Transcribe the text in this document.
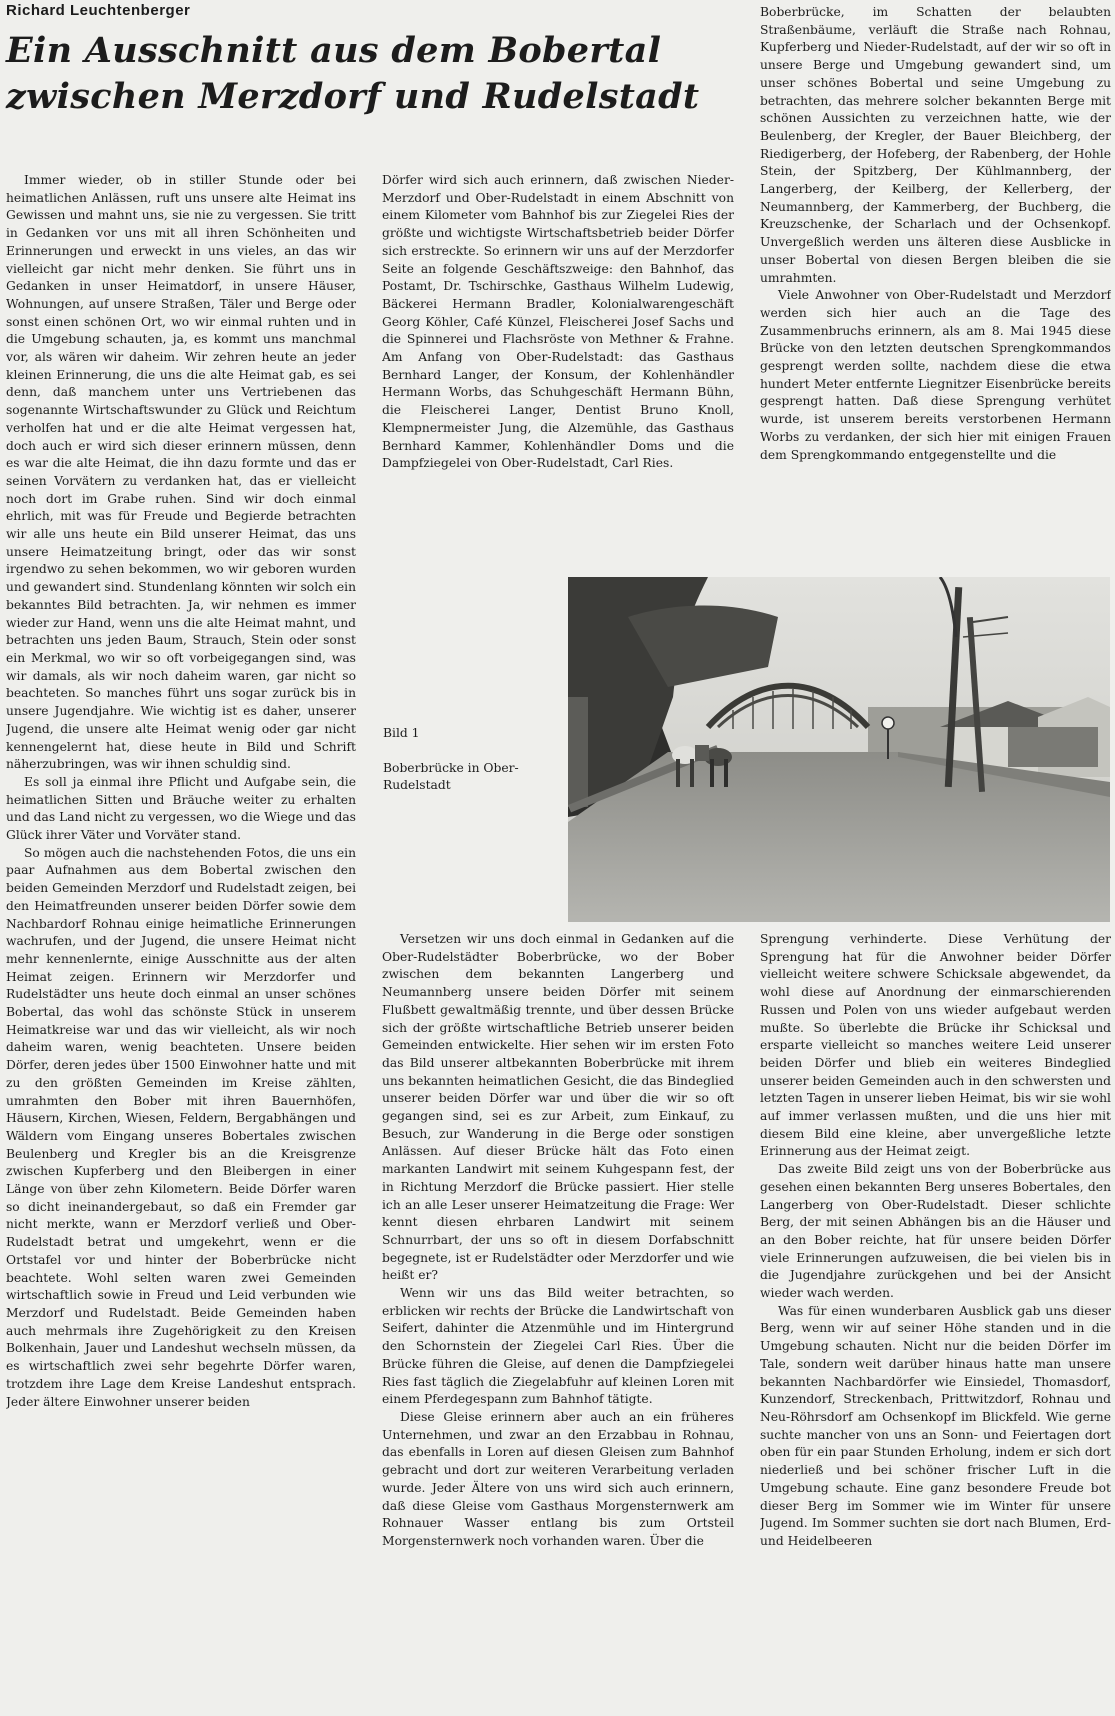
Richard Leuchtenberger
Ein Ausschnitt aus dem Bobertal
zwischen Merzdorf und Rudelstadt

Immer wieder, ob in stiller Stunde oder bei heimatlichen Anlässen, ruft uns unsere alte Heimat ins Gewissen und mahnt uns, sie nie zu vergessen. Sie tritt in Gedanken vor uns mit all ihren Schönheiten und Erinnerungen und erweckt in uns vieles, an das wir vielleicht gar nicht mehr denken. Sie führt uns in Gedanken in unser Heimatdorf, in unsere Häuser, Wohnungen, auf unsere Straßen, Täler und Berge oder sonst einen schönen Ort, wo wir einmal ruhten und in die Umgebung schauten, ja, es kommt uns manchmal vor, als wären wir daheim. Wir zehren heute an jeder kleinen Erinnerung, die uns die alte Heimat gab, es sei denn, daß manchem unter uns Vertriebenen das sogenannte Wirtschaftswunder zu Glück und Reichtum verholfen hat und er die alte Heimat vergessen hat, doch auch er wird sich dieser erinnern müssen, denn es war die alte Heimat, die ihn dazu formte und das er seinen Vorvätern zu verdanken hat, das er vielleicht noch dort im Grabe ruhen. Sind wir doch einmal ehrlich, mit was für Freude und Begierde betrachten wir alle uns heute ein Bild unserer Heimat, das uns unsere Heimatzeitung bringt, oder das wir sonst irgendwo zu sehen bekommen, wo wir geboren wurden und gewandert sind. Stundenlang könnten wir solch ein bekanntes Bild betrachten. Ja, wir nehmen es immer wieder zur Hand, wenn uns die alte Heimat mahnt, und betrachten uns jeden Baum, Strauch, Stein oder sonst ein Merkmal, wo wir so oft vorbeigegangen sind, was wir damals, als wir noch daheim waren, gar nicht so beachteten. So manches führt uns sogar zurück bis in unsere Jugendjahre. Wie wichtig ist es daher, unserer Jugend, die unsere alte Heimat wenig oder gar nicht kennengelernt hat, diese heute in Bild und Schrift näherzubringen, was wir ihnen schuldig sind.

Es soll ja einmal ihre Pflicht und Aufgabe sein, die heimatlichen Sitten und Bräuche weiter zu erhalten und das Land nicht zu vergessen, wo die Wiege und das Glück ihrer Väter und Vorväter stand.

So mögen auch die nachstehenden Fotos, die uns ein paar Aufnahmen aus dem Bobertal zwischen den beiden Gemeinden Merzdorf und Rudelstadt zeigen, bei den Heimatfreunden unserer beiden Dörfer sowie dem Nachbardorf Rohnau einige heimatliche Erinnerungen wachrufen, und der Jugend, die unsere Heimat nicht mehr kennenlernte, einige Ausschnitte aus der alten Heimat zeigen. Erinnern wir Merzdorfer und Rudelstädter uns heute doch einmal an unser schönes Bobertal, das wohl das schönste Stück in unserem Heimatkreise war und das wir vielleicht, als wir noch daheim waren, wenig beachteten. Unsere beiden Dörfer, deren jedes über 1500 Einwohner hatte und mit zu den größten Gemeinden im Kreise zählten, umrahmten den Bober mit ihren Bauernhöfen, Häusern, Kirchen, Wiesen, Feldern, Bergabhängen und Wäldern vom Eingang unseres Bobertales zwischen Beulenberg und Kregler bis an die Kreisgrenze zwischen Kupferberg und den Bleibergen in einer Länge von über zehn Kilometern. Beide Dörfer waren so dicht ineinandergebaut, so daß ein Fremder gar nicht merkte, wann er Merzdorf verließ und Ober-Rudelstadt betrat und umgekehrt, wenn er die Ortstafel vor und hinter der Boberbrücke nicht beachtete. Wohl selten waren zwei Gemeinden wirtschaftlich sowie in Freud und Leid verbunden wie Merzdorf und Rudelstadt. Beide Gemeinden haben auch mehrmals ihre Zugehörigkeit zu den Kreisen Bolkenhain, Jauer und Landeshut wechseln müssen, da es wirtschaftlich zwei sehr begehrte Dörfer waren, trotzdem ihre Lage dem Kreise Landeshut entsprach. Jeder ältere Einwohner unserer beiden

Dörfer wird sich auch erinnern, daß zwischen Nieder-Merzdorf und Ober-Rudelstadt in einem Abschnitt von einem Kilometer vom Bahnhof bis zur Ziegelei Ries der größte und wichtigste Wirtschaftsbetrieb beider Dörfer sich erstreckte. So erinnern wir uns auf der Merzdorfer Seite an folgende Geschäftszweige: den Bahnhof, das Postamt, Dr. Tschirschke, Gasthaus Wilhelm Ludewig, Bäckerei Hermann Bradler, Kolonialwarengeschäft Georg Köhler, Café Künzel, Fleischerei Josef Sachs und die Spinnerei und Flachsröste von Methner & Frahne. Am Anfang von Ober-Rudelstadt: das Gasthaus Bernhard Langer, der Konsum, der Kohlenhändler Hermann Worbs, das Schuhgeschäft Hermann Bühn, die Fleischerei Langer, Dentist Bruno Knoll, Klempnermeister Jung, die Alzemühle, das Gasthaus Bernhard Kammer, Kohlenhändler Doms und die Dampfziegelei von Ober-Rudelstadt, Carl Ries.

Boberbrücke, im Schatten der belaubten Straßenbäume, verläuft die Straße nach Rohnau, Kupferberg und Nieder-Rudelstadt, auf der wir so oft in unsere Berge und Umgebung gewandert sind, um unser schönes Bobertal und seine Umgebung zu betrachten, das mehrere solcher bekannten Berge mit schönen Aussichten zu verzeichnen hatte, wie der Beulenberg, der Kregler, der Bauer Bleichberg, der Riedigerberg, der Hofeberg, der Rabenberg, der Hohle Stein, der Spitzberg, Der Kühlmannberg, der Langerberg, der Keilberg, der Kellerberg, der Neumannberg, der Kammerberg, der Buchberg, die Kreuzschenke, der Scharlach und der Ochsenkopf. Unvergeßlich werden uns älteren diese Ausblicke in unser Bobertal von diesen Bergen bleiben die sie umrahmten.

Viele Anwohner von Ober-Rudelstadt und Merzdorf werden sich hier auch an die Tage des Zusammenbruchs erinnern, als am 8. Mai 1945 diese Brücke von den letzten deutschen Sprengkommandos gesprengt werden sollte, nachdem diese die etwa hundert Meter entfernte Liegnitzer Eisenbrücke bereits gesprengt hatten. Daß diese Sprengung verhütet wurde, ist unserem bereits verstorbenen Hermann Worbs zu verdanken, der sich hier mit einigen Frauen dem Sprengkommando entgegenstellte und die

Bild 1
Boberbrücke in Ober-Rudelstadt

Versetzen wir uns doch einmal in Gedanken auf die Ober-Rudelstädter Boberbrücke, wo der Bober zwischen dem bekannten Langerberg und Neumannberg unsere beiden Dörfer mit seinem Flußbett gewaltmäßig trennte, und über dessen Brücke sich der größte wirtschaftliche Betrieb unserer beiden Gemeinden entwickelte. Hier sehen wir im ersten Foto das Bild unserer altbekannten Boberbrücke mit ihrem uns bekannten heimatlichen Gesicht, die das Bindeglied unserer beiden Dörfer war und über die wir so oft gegangen sind, sei es zur Arbeit, zum Einkauf, zu Besuch, zur Wanderung in die Berge oder sonstigen Anlässen. Auf dieser Brücke hält das Foto einen markanten Landwirt mit seinem Kuhgespann fest, der in Richtung Merzdorf die Brücke passiert. Hier stelle ich an alle Leser unserer Heimatzeitung die Frage: Wer kennt diesen ehrbaren Landwirt mit seinem Schnurrbart, der uns so oft in diesem Dorfabschnitt begegnete, ist er Rudelstädter oder Merzdorfer und wie heißt er?

Wenn wir uns das Bild weiter betrachten, so erblicken wir rechts der Brücke die Landwirtschaft von Seifert, dahinter die Atzenmühle und im Hintergrund den Schornstein der Ziegelei Carl Ries. Über die Brücke führen die Gleise, auf denen die Dampfziegelei Ries fast täglich die Ziegelabfuhr auf kleinen Loren mit einem Pferdegespann zum Bahnhof tätigte.

Diese Gleise erinnern aber auch an ein früheres Unternehmen, und zwar an den Erzabbau in Rohnau, das ebenfalls in Loren auf diesen Gleisen zum Bahnhof gebracht und dort zur weiteren Verarbeitung verladen wurde. Jeder Ältere von uns wird sich auch erinnern, daß diese Gleise vom Gasthaus Morgensternwerk am Rohnauer Wasser entlang bis zum Ortsteil Morgensternwerk noch vorhanden waren. Über die

Sprengung verhinderte. Diese Verhütung der Sprengung hat für die Anwohner beider Dörfer vielleicht weitere schwere Schicksale abgewendet, da wohl diese auf Anordnung der einmarschierenden Russen und Polen von uns wieder aufgebaut werden mußte. So überlebte die Brücke ihr Schicksal und ersparte vielleicht so manches weitere Leid unserer beiden Dörfer und blieb ein weiteres Bindeglied unserer beiden Gemeinden auch in den schwersten und letzten Tagen in unserer lieben Heimat, bis wir sie wohl auf immer verlassen mußten, und die uns hier mit diesem Bild eine kleine, aber unvergeßliche letzte Erinnerung aus der Heimat zeigt.

Das zweite Bild zeigt uns von der Boberbrücke aus gesehen einen bekannten Berg unseres Bobertales, den Langerberg von Ober-Rudelstadt. Dieser schlichte Berg, der mit seinen Abhängen bis an die Häuser und an den Bober reichte, hat für unsere beiden Dörfer viele Erinnerungen aufzuweisen, die bei vielen bis in die Jugendjahre zurückgehen und bei der Ansicht wieder wach werden.

Was für einen wunderbaren Ausblick gab uns dieser Berg, wenn wir auf seiner Höhe standen und in die Umgebung schauten. Nicht nur die beiden Dörfer im Tale, sondern weit darüber hinaus hatte man unsere bekannten Nachbardörfer wie Einsiedel, Thomasdorf, Kunzendorf, Streckenbach, Prittwitzdorf, Rohnau und Neu-Röhrsdorf am Ochsenkopf im Blickfeld. Wie gerne suchte mancher von uns an Sonn- und Feiertagen dort oben für ein paar Stunden Erholung, indem er sich dort niederließ und bei schöner frischer Luft in die Umgebung schaute. Eine ganz besondere Freude bot dieser Berg im Sommer wie im Winter für unsere Jugend. Im Sommer suchten sie dort nach Blumen, Erd- und Heidelbeeren
